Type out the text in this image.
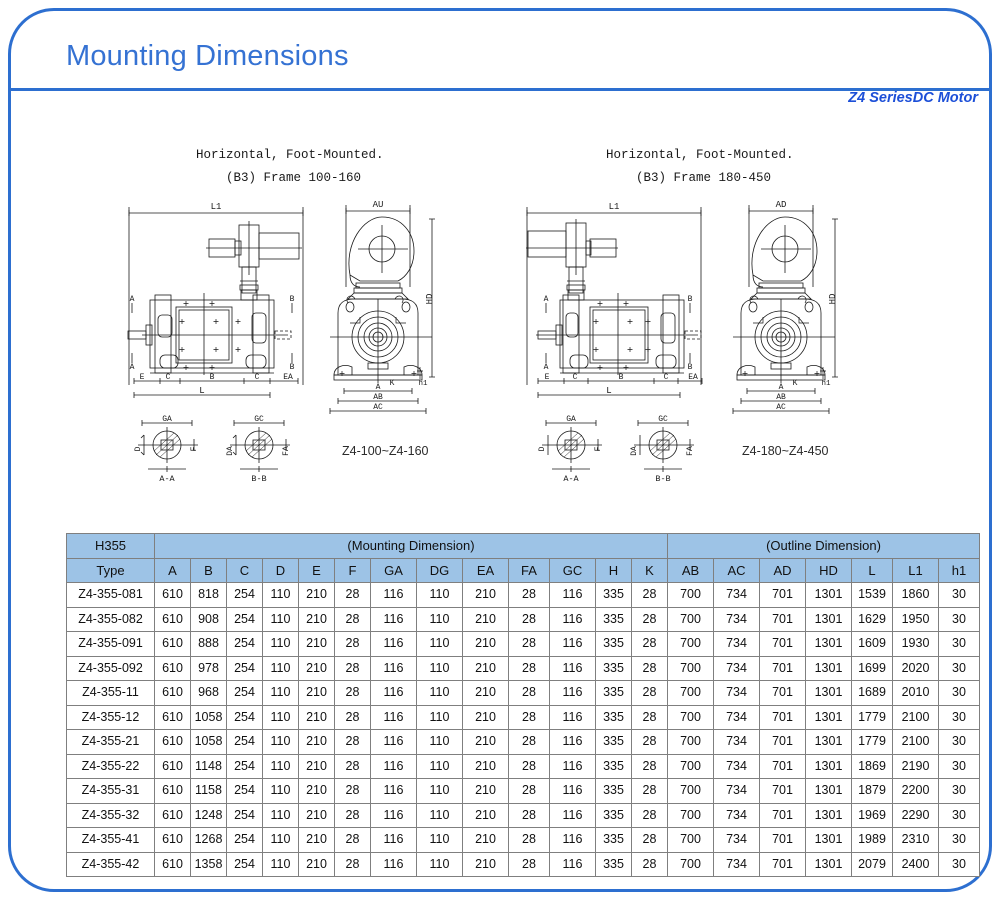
Mounting Dimensions
Z4 SeriesDC Motor
Horizontal, Foot-Mounted.
(B3) Frame 100-160
Z4-100~Z4-160
L1
A
A
B
B
E	C	B	C	EA
L
GA
D	F
A-A
GC
DA	FA
B-B
AU
HD
K	h1
A
AB
AC
Horizontal, Foot-Mounted.
(B3) Frame 180-450
Z4-180~Z4-450
L1
A
A
B
B
E	C	B	C EA
L
GA
D	F
A-A
GC
DA	FA
B-B
AD
HD
K	h1
A
AB
AC
H355	(Mounting Dimension)													(Outline Dimension)						
Type	A	B	C	D	E	F	GA	DG	EA	FA	GC	H	K	AB	AC	AD	HD	L	L1	h1
Z4-355-081	610	818	254	110	210	28	116	110	210	28	116	335	28	700	734	701	1301	1539	1860	30
Z4-355-082	610	908	254	110	210	28	116	110	210	28	116	335	28	700	734	701	1301	1629	1950	30
Z4-355-091	610	888	254	110	210	28	116	110	210	28	116	335	28	700	734	701	1301	1609	1930	30
Z4-355-092	610	978	254	110	210	28	116	110	210	28	116	335	28	700	734	701	1301	1699	2020	30
Z4-355-11	610	968	254	110	210	28	116	110	210	28	116	335	28	700	734	701	1301	1689	2010	30
Z4-355-12	610	1058	254	110	210	28	116	110	210	28	116	335	28	700	734	701	1301	1779	2100	30
Z4-355-21	610	1058	254	110	210	28	116	110	210	28	116	335	28	700	734	701	1301	1779	2100	30
Z4-355-22	610	1148	254	110	210	28	116	110	210	28	116	335	28	700	734	701	1301	1869	2190	30
Z4-355-31	610	1158	254	110	210	28	116	110	210	28	116	335	28	700	734	701	1301	1879	2200	30
Z4-355-32	610	1248	254	110	210	28	116	110	210	28	116	335	28	700	734	701	1301	1969	2290	30
Z4-355-41	610	1268	254	110	210	28	116	110	210	28	116	335	28	700	734	701	1301	1989	2310	30
Z4-355-42	610	1358	254	110	210	28	116	110	210	28	116	335	28	700	734	701	1301	2079	2400	30
